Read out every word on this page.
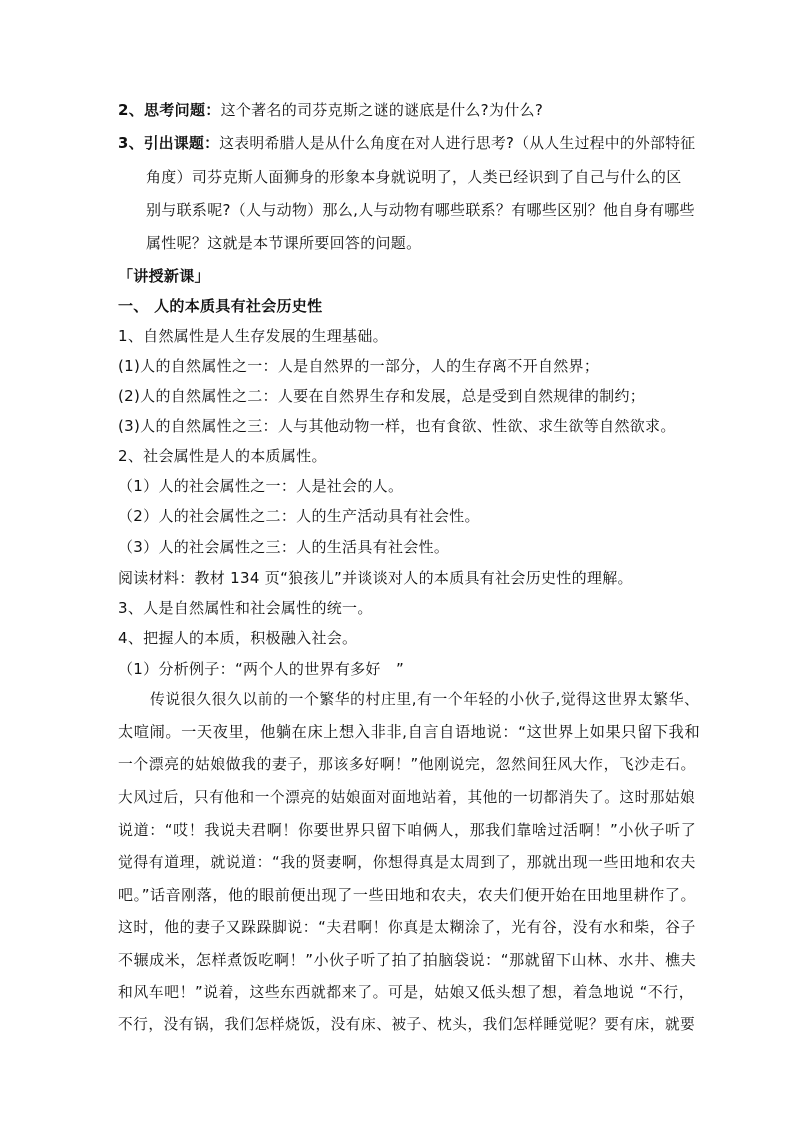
2、思考问题：这个著名的司芬克斯之谜的谜底是什么?为什么?
3、引出课题：这表明希腊人是从什么角度在对人进行思考?（从人生过程中的外部特征
角度）司芬克斯人面狮身的形象本身就说明了，人类已经识到了自己与什么的区
别与联系呢?（人与动物）那么,人与动物有哪些联系？有哪些区别？他自身有哪些
属性呢？这就是本节课所要回答的问题。
「讲授新课」
一、 人的本质具有社会历史性
1、自然属性是人生存发展的生理基础。
(1)人的自然属性之一：人是自然界的一部分，人的生存离不开自然界；
(2)人的自然属性之二：人要在自然界生存和发展，总是受到自然规律的制约；
(3)人的自然属性之三：人与其他动物一样，也有食欲、性欲、求生欲等自然欲求。
2、社会属性是人的本质属性。
（1）人的社会属性之一：人是社会的人。
（2）人的社会属性之二：人的生产活动具有社会性。
（3）人的社会属性之三：人的生活具有社会性。
阅读材料：教材 134 页“狼孩儿”并谈谈对人的本质具有社会历史性的理解。
3、人是自然属性和社会属性的统一。
4、把握人的本质，积极融入社会。
（1）分析例子：“两个人的世界有多好　”
传说很久很久以前的一个繁华的村庄里,有一个年轻的小伙子,觉得这世界太繁华、
太喧闹。一天夜里，他躺在床上想入非非,自言自语地说：“这世界上如果只留下我和
一个漂亮的姑娘做我的妻子，那该多好啊！”他刚说完，忽然间狂风大作，飞沙走石。
大风过后，只有他和一个漂亮的姑娘面对面地站着，其他的一切都消失了。这时那姑娘
说道：“哎！我说夫君啊！你要世界只留下咱俩人，那我们靠啥过活啊！”小伙子听了
觉得有道理，就说道：“我的贤妻啊，你想得真是太周到了，那就出现一些田地和农夫
吧。”话音刚落，他的眼前便出现了一些田地和农夫，农夫们便开始在田地里耕作了。
这时，他的妻子又跺跺脚说：“夫君啊！你真是太糊涂了，光有谷，没有水和柴，谷子
不辗成米，怎样煮饭吃啊！”小伙子听了拍了拍脑袋说：“那就留下山林、水井、樵夫
和风车吧！”说着，这些东西就都来了。可是，姑娘又低头想了想，着急地说 “不行，
不行，没有锅，我们怎样烧饭，没有床、被子、枕头，我们怎样睡觉呢？要有床，就要
